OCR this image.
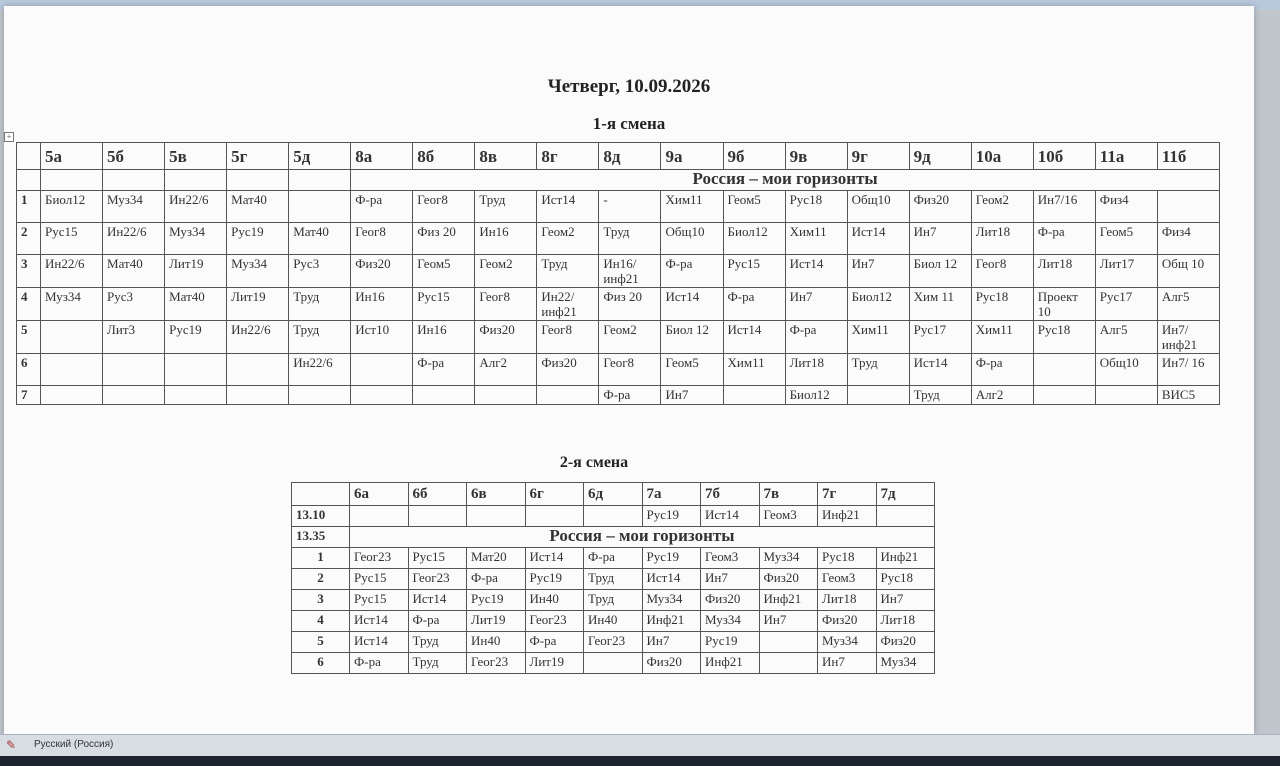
Четверг, 10.09.2026
1-я смена
+
	5а	5б	5в	5г	5д	8а	8б	8в	8г	8д	9а	9б	9в	9г	9д	10а	10б	11а	11б
						Россия – мои горизонты													
1	Биол12	Муз34	Ин22/6	Мат40		Ф-ра	Геог8	Труд	Ист14	-	Хим11	Геом5	Рус18	Общ10	Физ20	Геом2	Ин7/16	Физ4	
2	Рус15	Ин22/6	Муз34	Рус19	Мат40	Геог8	Физ 20	Ин16	Геом2	Труд	Общ10	Биол12	Хим11	Ист14	Ин7	Лит18	Ф-ра	Геом5	Физ4
3	Ин22/6	Мат40	Лит19	Муз34	Рус3	Физ20	Геом5	Геом2	Труд	Ин16/ инф21	Ф-ра	Рус15	Ист14	Ин7	Биол 12	Геог8	Лит18	Лит17	Общ 10
4	Муз34	Рус3	Мат40	Лит19	Труд	Ин16	Рус15	Геог8	Ин22/ инф21	Физ 20	Ист14	Ф-ра	Ин7	Биол12	Хим 11	Рус18	Проект 10	Рус17	Алг5
5		Лит3	Рус19	Ин22/6	Труд	Ист10	Ин16	Физ20	Геог8	Геом2	Биол 12	Ист14	Ф-ра	Хим11	Рус17	Хим11	Рус18	Алг5	Ин7/ инф21
6					Ин22/6		Ф-ра	Алг2	Физ20	Геог8	Геом5	Хим11	Лит18	Труд	Ист14	Ф-ра		Общ10	Ин7/ 16
7										Ф-ра	Ин7		Биол12		Труд	Алг2			ВИС5
2-я смена
	6а	6б	6в	6г	6д	7а	7б	7в	7г	7д
13.10						Рус19	Ист14	Геом3	Инф21	
13.35	Россия – мои горизонты									
1	Геог23	Рус15	Мат20	Ист14	Ф-ра	Рус19	Геом3	Муз34	Рус18	Инф21
2	Рус15	Геог23	Ф-ра	Рус19	Труд	Ист14	Ин7	Физ20	Геом3	Рус18
3	Рус15	Ист14	Рус19	Ин40	Труд	Муз34	Физ20	Инф21	Лит18	Ин7
4	Ист14	Ф-ра	Лит19	Геог23	Ин40	Инф21	Муз34	Ин7	Физ20	Лит18
5	Ист14	Труд	Ин40	Ф-ра	Геог23	Ин7	Рус19		Муз34	Физ20
6	Ф-ра	Труд	Геог23	Лит19		Физ20	Инф21		Ин7	Муз34
✎	Русский (Россия)
